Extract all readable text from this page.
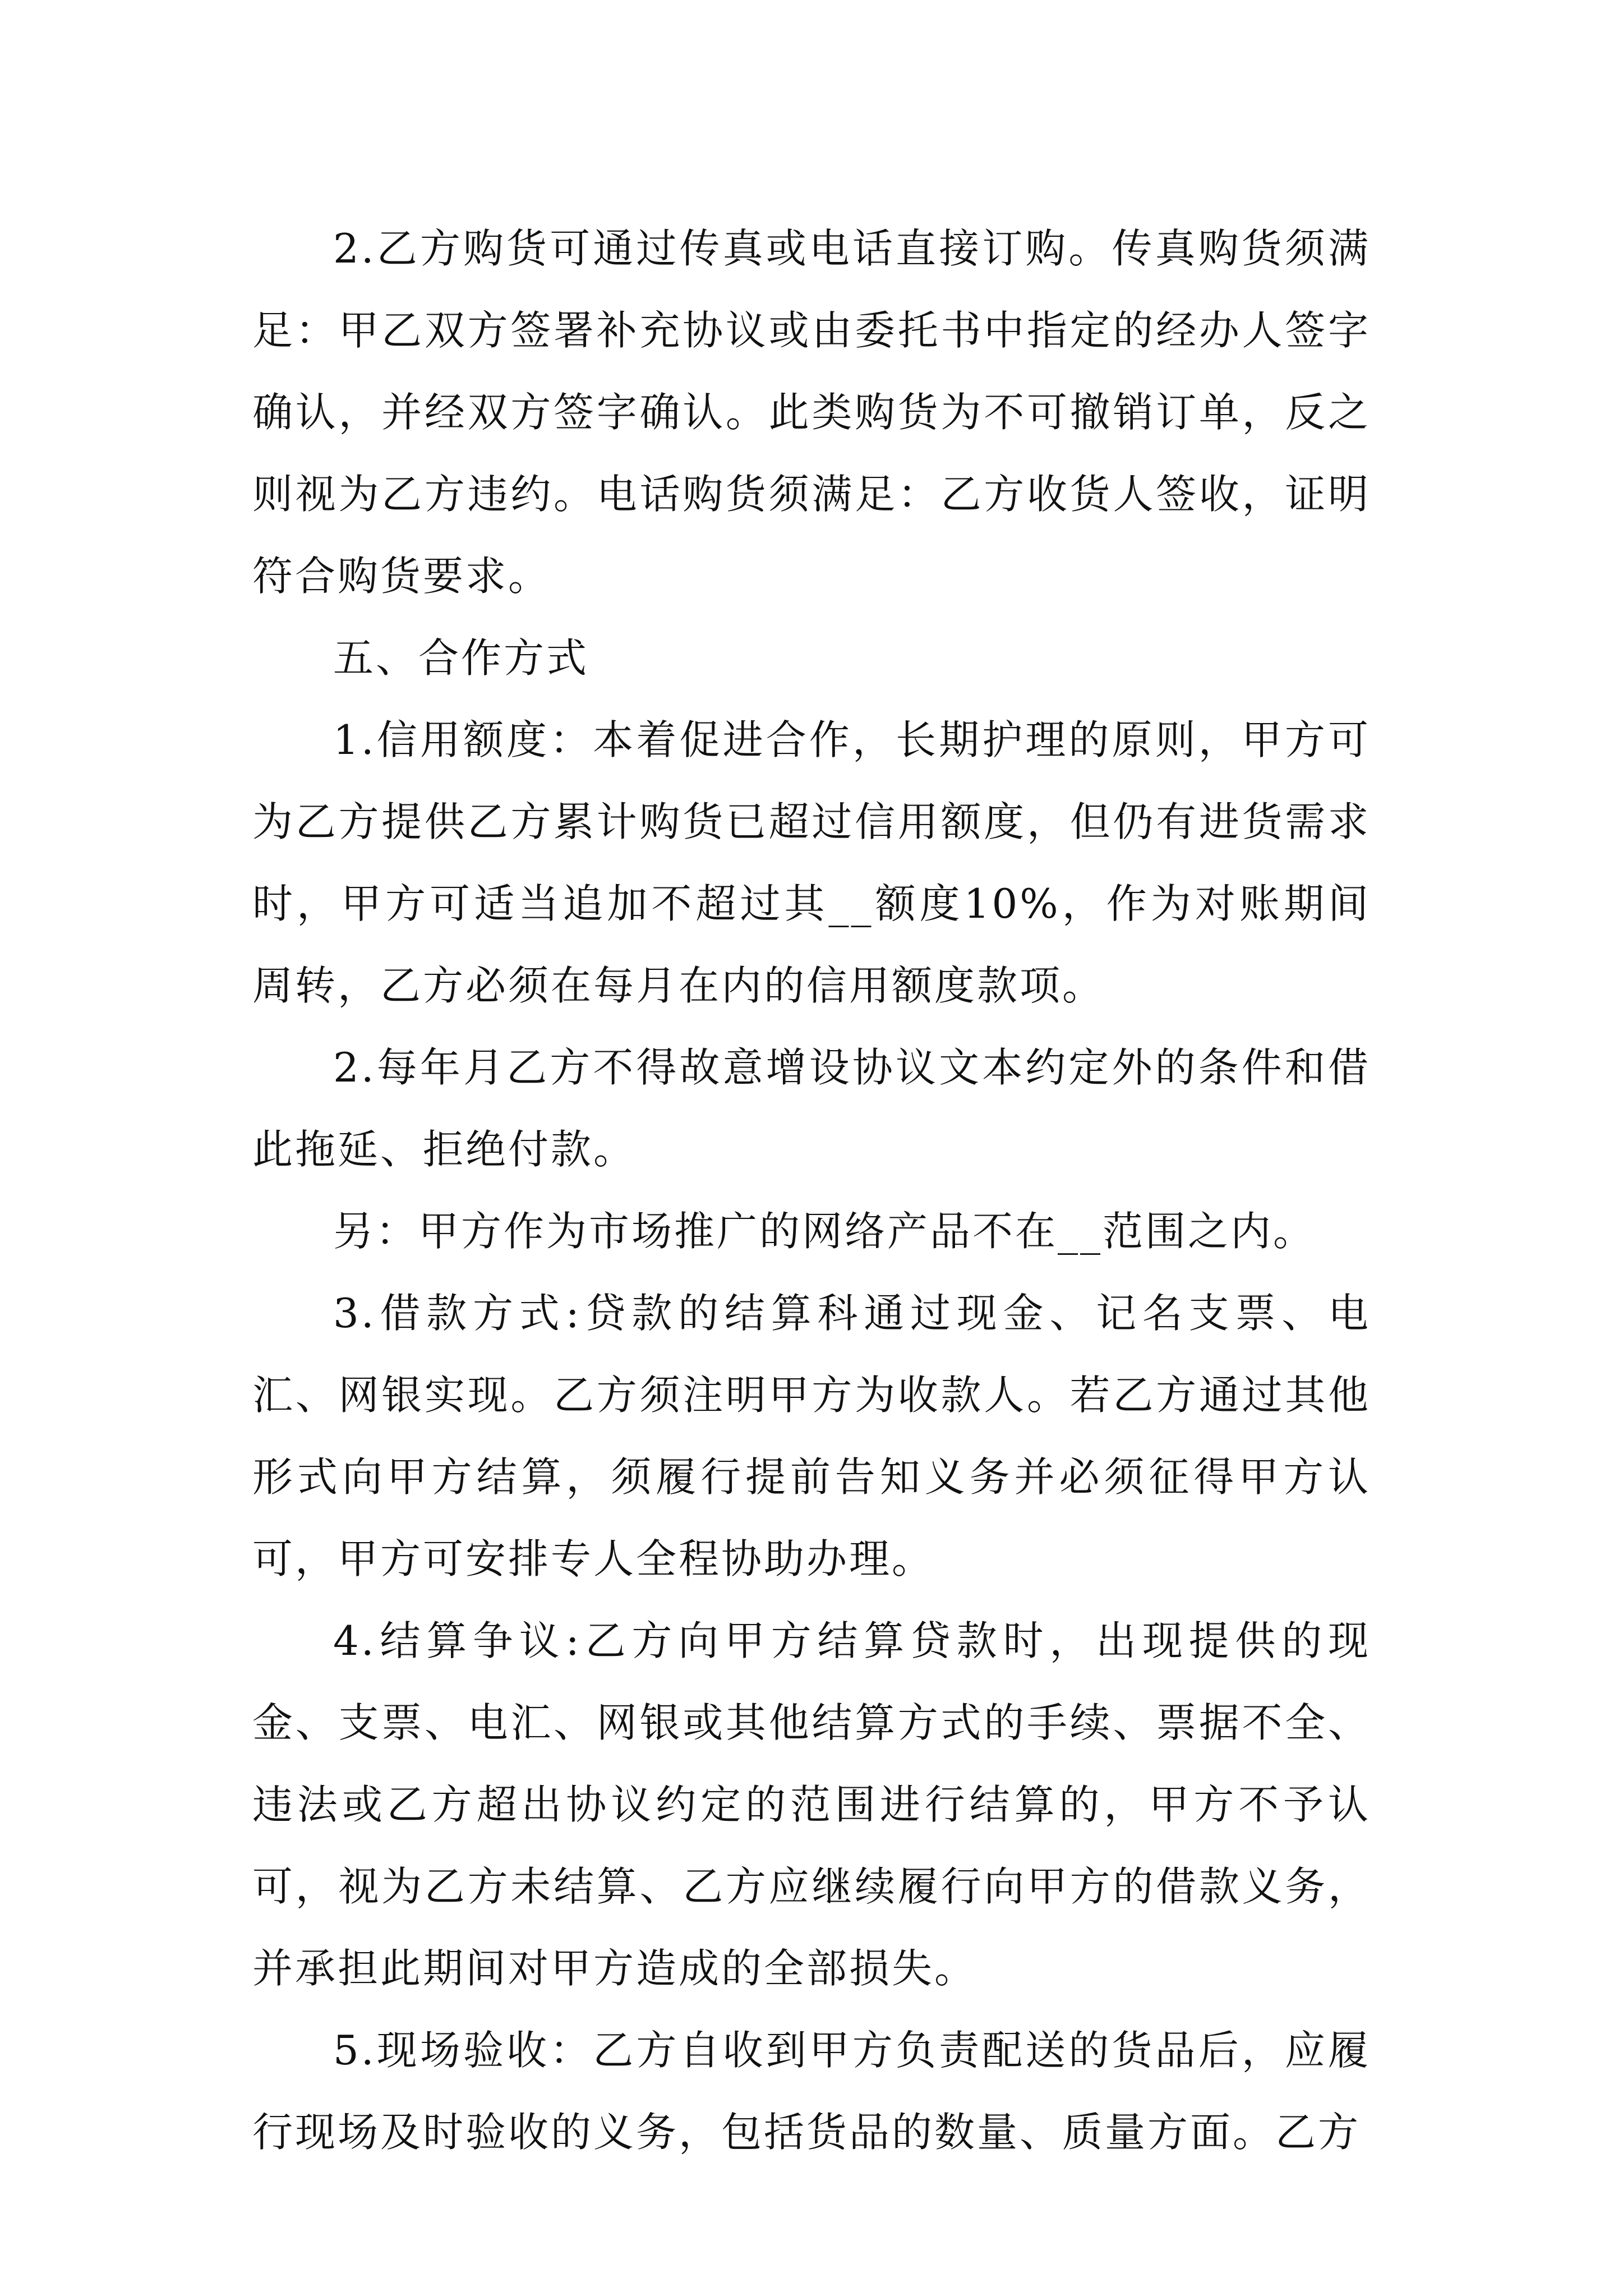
2.乙方购货可通过传真或电话直接订购。传真购货须满足：甲乙双方签署补充协议或由委托书中指定的经办人签字确认，并经双方签字确认。此类购货为不可撤销订单，反之则视为乙方违约。电话购货须满足：乙方收货人签收，证明符合购货要求。

五、合作方式

1.信用额度：本着促进合作，长期护理的原则，甲方可为乙方提供乙方累计购货已超过信用额度，但仍有进货需求时，甲方可适当追加不超过其__额度10%，作为对账期间周转，乙方必须在每月在内的信用额度款项。

2.每年月乙方不得故意增设协议文本约定外的条件和借此拖延、拒绝付款。

另：甲方作为市场推广的网络产品不在__范围之内。

3.借款方式:贷款的结算科通过现金、记名支票、电汇、网银实现。乙方须注明甲方为收款人。若乙方通过其他形式向甲方结算，须履行提前告知义务并必须征得甲方认可，甲方可安排专人全程协助办理。

4.结算争议:乙方向甲方结算贷款时，出现提供的现金、支票、电汇、网银或其他结算方式的手续、票据不全、违法或乙方超出协议约定的范围进行结算的，甲方不予认可，视为乙方未结算、乙方应继续履行向甲方的借款义务，并承担此期间对甲方造成的全部损失。

5.现场验收：乙方自收到甲方负责配送的货品后，应履行现场及时验收的义务，包括货品的数量、质量方面。乙方
